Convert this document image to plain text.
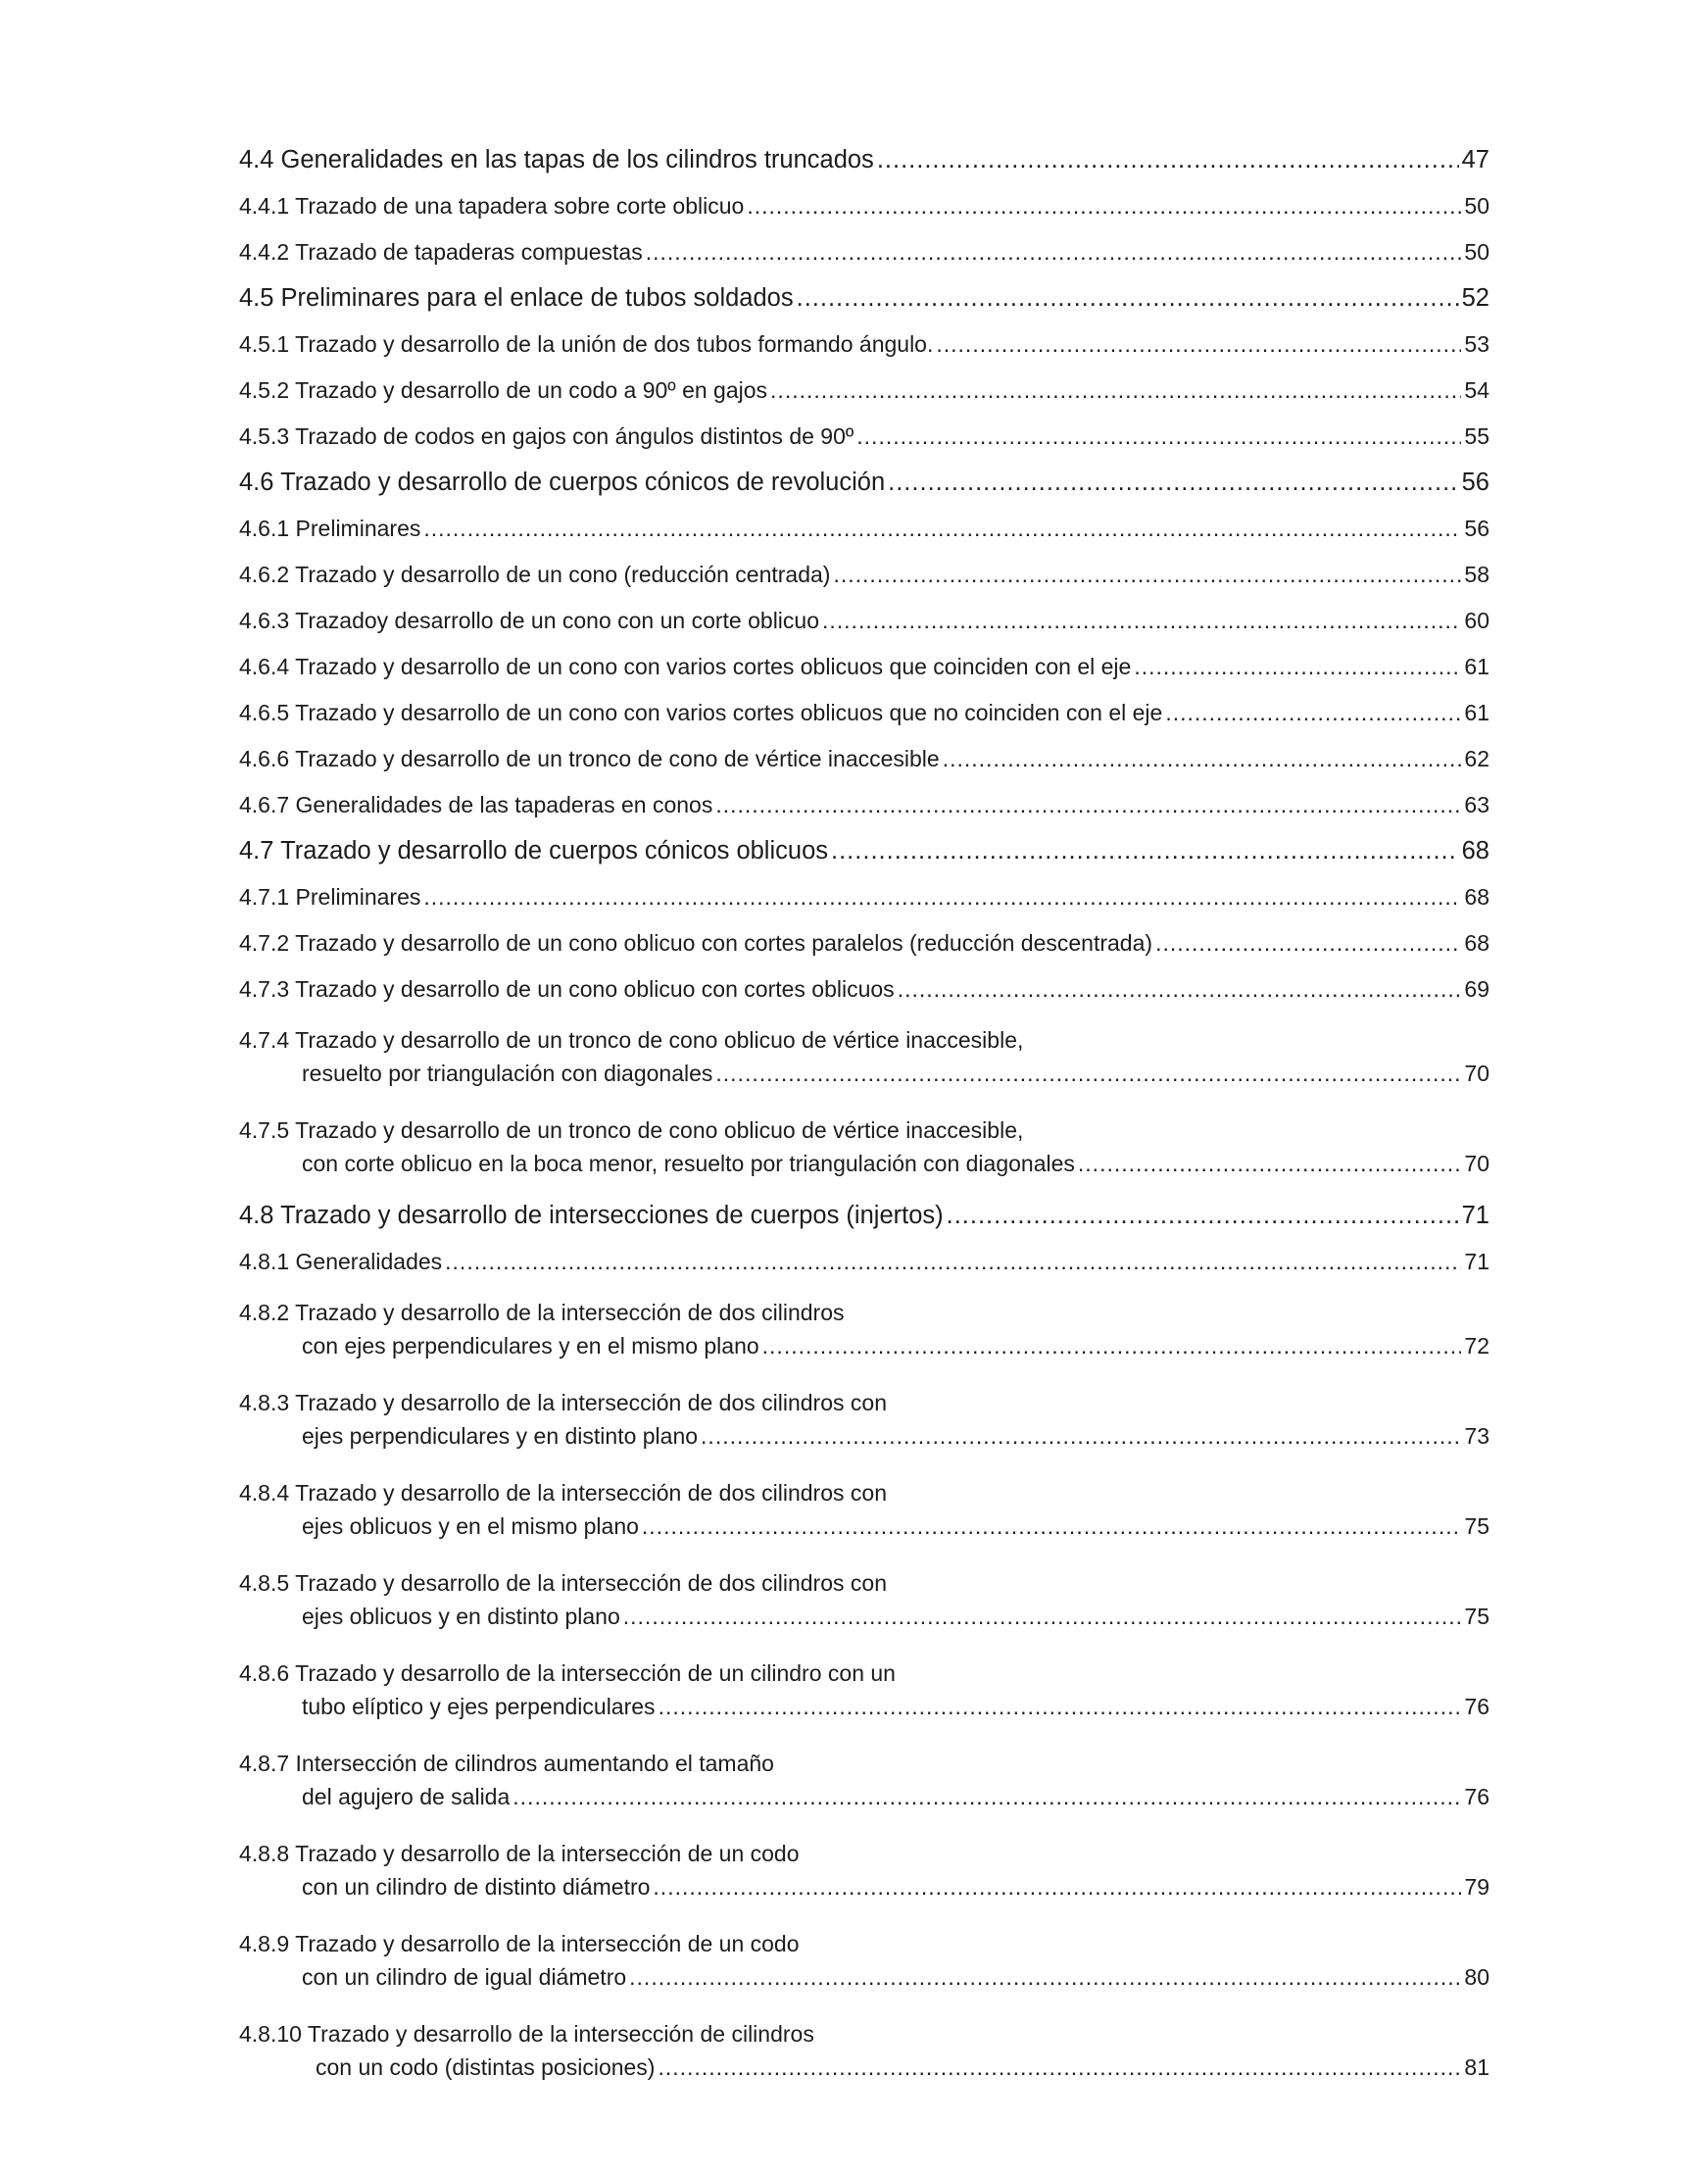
4.4 Generalidades en las tapas de los cilindros truncados .....	47
4.4.1 Trazado de una tapadera sobre corte oblicuo .....	50
4.4.2 Trazado de tapaderas compuestas .....	50
4.5 Preliminares para el enlace de tubos soldados .....	52
4.5.1 Trazado y desarrollo de la unión de dos tubos formando ángulo. .....	53
4.5.2 Trazado y desarrollo de un codo a 90º en gajos .....	54
4.5.3 Trazado de codos en gajos con ángulos distintos de 90º .....	55
4.6 Trazado y desarrollo de cuerpos cónicos de revolución .....	56
4.6.1 Preliminares .....	56
4.6.2 Trazado y desarrollo de un cono (reducción centrada) .....	58
4.6.3 Trazadoy desarrollo de un cono con un corte oblicuo .....	60
4.6.4 Trazado y desarrollo de un cono con varios cortes oblicuos que coinciden con el eje .....	61
4.6.5 Trazado y desarrollo de un cono con varios cortes oblicuos que no coinciden con el eje .....	61
4.6.6 Trazado y desarrollo de un tronco de cono de vértice inaccesible .....	62
4.6.7 Generalidades de las tapaderas en conos .....	63
4.7 Trazado y desarrollo de cuerpos cónicos oblicuos .....	68
4.7.1 Preliminares .....	68
4.7.2 Trazado y desarrollo de un cono oblicuo con cortes paralelos (reducción descentrada) .....	68
4.7.3 Trazado y desarrollo de un cono oblicuo con cortes oblicuos .....	69
4.7.4 Trazado y desarrollo de un tronco de cono oblicuo de vértice inaccesible,
resuelto por triangulación con diagonales .....	70
4.7.5 Trazado y desarrollo de un tronco de cono oblicuo de vértice inaccesible,
con corte oblicuo en la boca menor, resuelto por triangulación con diagonales .....	70
4.8 Trazado y desarrollo de intersecciones de cuerpos (injertos) .....	71
4.8.1 Generalidades .....	71
4.8.2 Trazado y desarrollo de la intersección de dos cilindros
con ejes perpendiculares y en el mismo plano .....	72
4.8.3 Trazado y desarrollo de la intersección de dos cilindros con
ejes perpendiculares y en distinto plano .....	73
4.8.4 Trazado y desarrollo de la intersección de dos cilindros con
ejes oblicuos y en el mismo plano .....	75
4.8.5 Trazado y desarrollo de la intersección de dos cilindros con
ejes oblicuos y en distinto plano .....	75
4.8.6 Trazado y desarrollo de la intersección de un cilindro con un
tubo elíptico y ejes perpendiculares .....	76
4.8.7 Intersección de cilindros aumentando el tamaño
del agujero de salida .....	76
4.8.8 Trazado y desarrollo de la intersección de un codo
con un cilindro de distinto diámetro .....	79
4.8.9 Trazado y desarrollo de la intersección de un codo
con un cilindro de igual diámetro .....	80
4.8.10 Trazado y desarrollo de la intersección de cilindros
con un codo (distintas posiciones) .....	81
